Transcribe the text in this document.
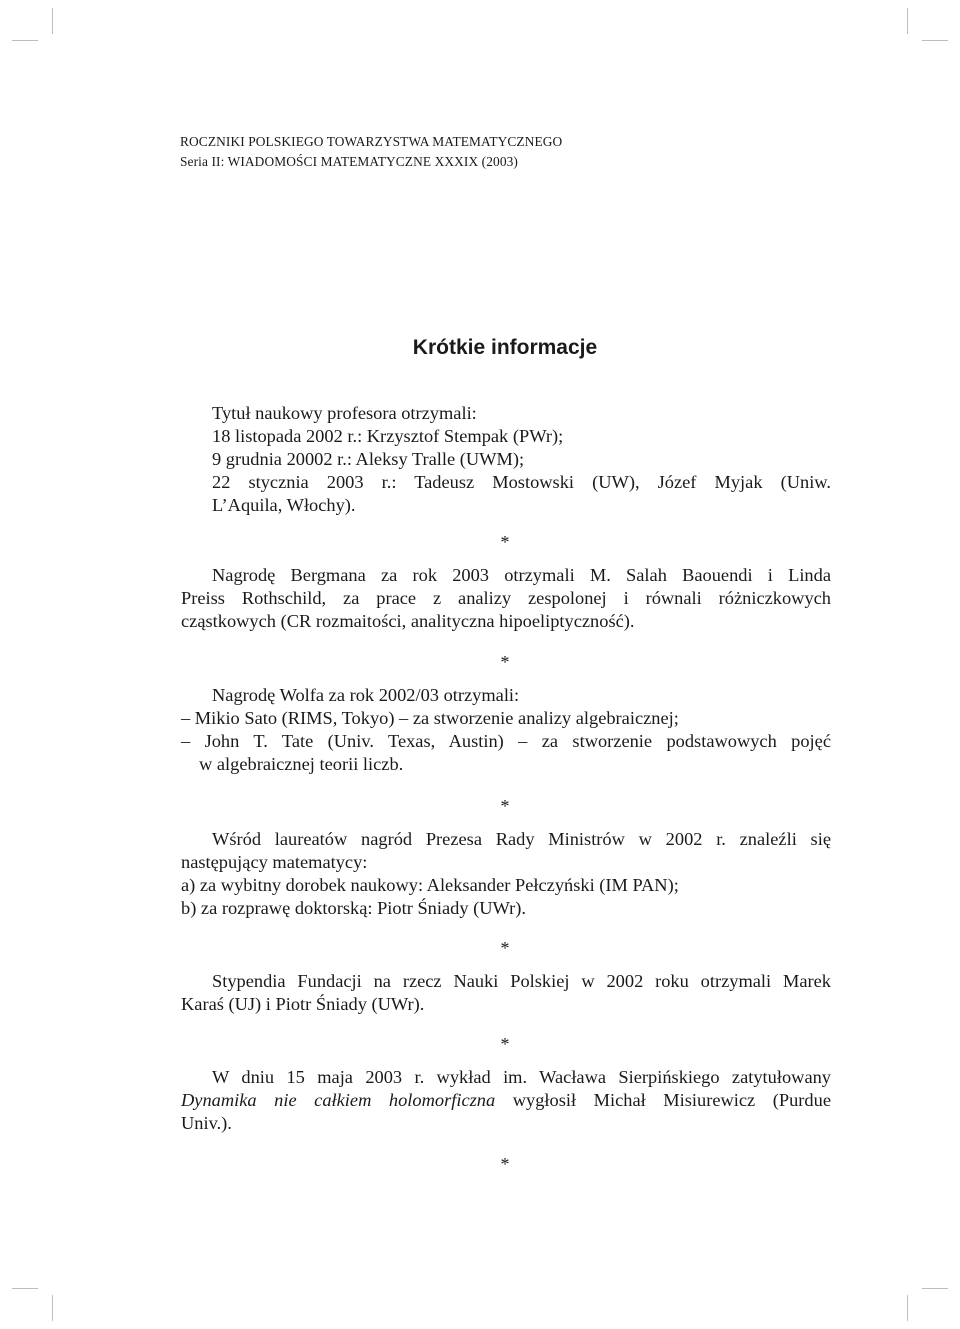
ROCZNIKI POLSKIEGO TOWARZYSTWA MATEMATYCZNEGO
Seria II: WIADOMOŚCI MATEMATYCZNE XXXIX (2003)
Krótkie informacje
Tytuł naukowy profesora otrzymali:
18 listopada 2002 r.: Krzysztof Stempak (PWr);
9 grudnia 20002 r.: Aleksy Tralle (UWM);
22 stycznia 2003 r.: Tadeusz Mostowski (UW), Józef Myjak (Uniw.
L’Aquila, Włochy).
*
Nagrodę Bergmana za rok 2003 otrzymali M. Salah Baouendi i Linda
Preiss Rothschild, za prace z analizy zespolonej i równali różniczkowych
cząstkowych (CR rozmaitości, analityczna hipoeliptyczność).
*
Nagrodę Wolfa za rok 2002/03 otrzymali:
– Mikio Sato (RIMS, Tokyo) – za stworzenie analizy algebraicznej;
– John T. Tate (Univ. Texas, Austin) – za stworzenie podstawowych pojęć
w algebraicznej teorii liczb.
*
Wśród laureatów nagród Prezesa Rady Ministrów w 2002 r. znaleźli się
następujący matematycy:
a) za wybitny dorobek naukowy: Aleksander Pełczyński (IM PAN);
b) za rozprawę doktorską: Piotr Śniady (UWr).
*
Stypendia Fundacji na rzecz Nauki Polskiej w 2002 roku otrzymali Marek
Karaś (UJ) i Piotr Śniady (UWr).
*
W dniu 15 maja 2003 r. wykład im. Wacława Sierpińskiego zatytułowany
Dynamika nie całkiem holomorficzna wygłosił Michał Misiurewicz (Purdue
Univ.).
*
